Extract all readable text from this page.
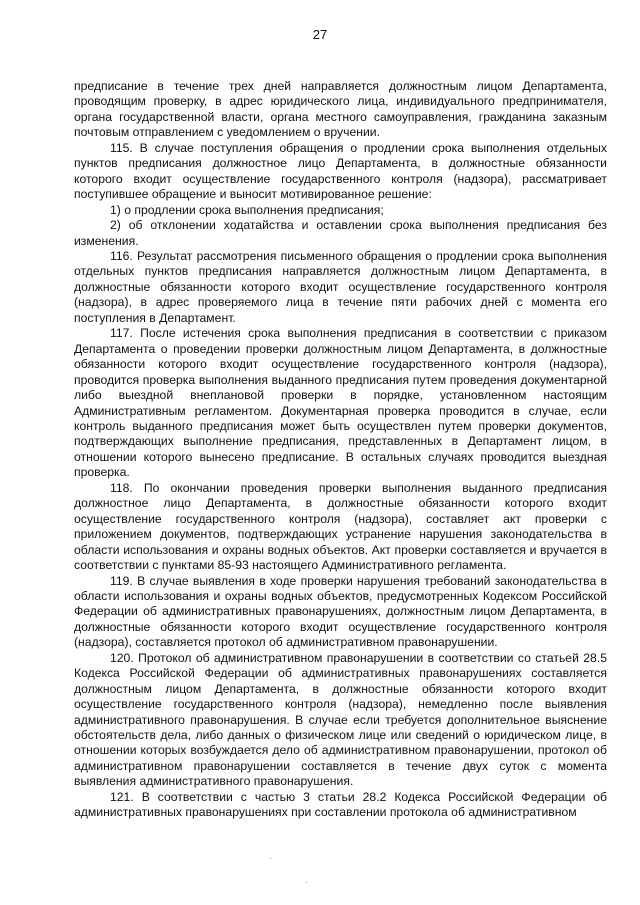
27

предписание в течение трех дней направляется должностным лицом Департамента, проводящим проверку, в адрес юридического лица, индивидуального предпринимателя, органа государственной власти, органа местного самоуправления, гражданина заказным почтовым отправлением с уведомлением о вручении.

115. В случае поступления обращения о продлении срока выполнения отдельных пунктов предписания должностное лицо Департамента, в должностные обязанности которого входит осуществление государственного контроля (надзора), рассматривает поступившее обращение и выносит мотивированное решение:

1) о продлении срока выполнения предписания;

2) об отклонении ходатайства и оставлении срока выполнения предписания без изменения.

116. Результат рассмотрения письменного обращения о продлении срока выполнения отдельных пунктов предписания направляется должностным лицом Департамента, в должностные обязанности которого входит осуществление государственного контроля (надзора), в адрес проверяемого лица в течение пяти рабочих дней с момента его поступления в Департамент.

117. После истечения срока выполнения предписания в соответствии с приказом Департамента о проведении проверки должностным лицом Департамента, в должностные обязанности которого входит осуществление государственного контроля (надзора), проводится проверка выполнения выданного предписания путем проведения документарной либо выездной внеплановой проверки в порядке, установленном настоящим Административным регламентом. Документарная проверка проводится в случае, если контроль выданного предписания может быть осуществлен путем проверки документов, подтверждающих выполнение предписания, представленных в Департамент лицом, в отношении которого вынесено предписание. В остальных случаях проводится выездная проверка.

118. По окончании проведения проверки выполнения выданного предписания должностное лицо Департамента, в должностные обязанности которого входит осуществление государственного контроля (надзора), составляет акт проверки с приложением документов, подтверждающих устранение нарушения законодательства в области использования и охраны водных объектов. Акт проверки составляется и вручается в соответствии с пунктами 85-93 настоящего Административного регламента.

119. В случае выявления в ходе проверки нарушения требований законодательства в области использования и охраны водных объектов, предусмотренных Кодексом Российской Федерации об административных правонарушениях, должностным лицом Департамента, в должностные обязанности которого входит осуществление государственного контроля (надзора), составляется протокол об административном правонарушении.

120. Протокол об административном правонарушении в соответствии со статьей 28.5 Кодекса Российской Федерации об административных правонарушениях составляется должностным лицом Департамента, в должностные обязанности которого входит осуществление государственного контроля (надзора), немедленно после выявления административного правонарушения. В случае если требуется дополнительное выяснение обстоятельств дела, либо данных о физическом лице или сведений о юридическом лице, в отношении которых возбуждается дело об административном правонарушении, протокол об административном правонарушении составляется в течение двух суток с момента выявления административного правонарушения.

121. В соответствии с частью 3 статьи 28.2 Кодекса Российской Федерации об административных правонарушениях при составлении протокола об административном
